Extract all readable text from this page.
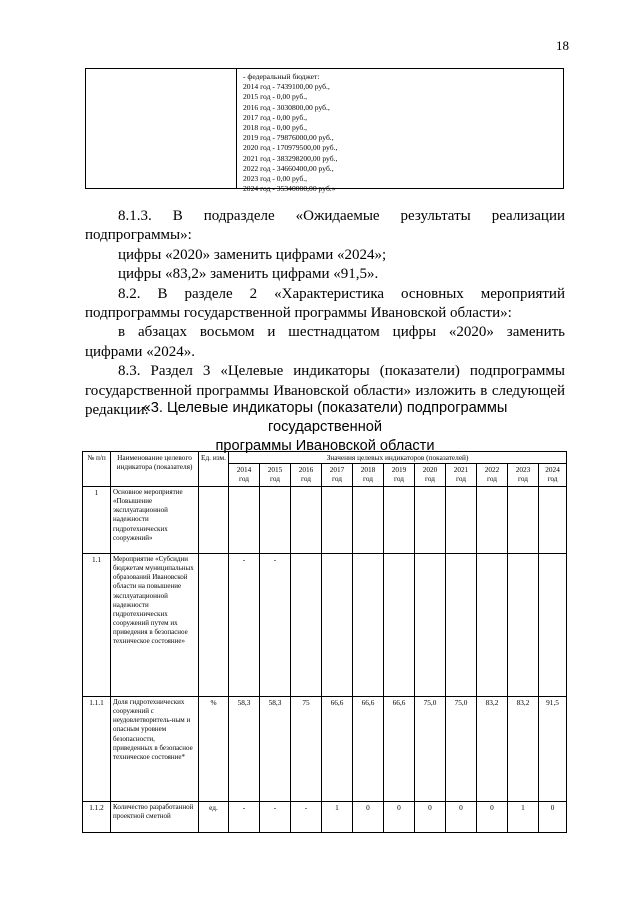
18
- федеральный бюджет:
2014 год - 7439100,00 руб.,
2015 год - 0,00 руб.,
2016 год - 3030800,00 руб.,
2017 год - 0,00 руб.,
2018 год - 0,00 руб.,
2019 год - 79876000,00 руб.,
2020 год - 170979500,00 руб.,
2021 год - 383298200,00 руб.,
2022 год - 34660400,00 руб.,
2023 год - 0,00 руб.,
2024 год - 35340000,00 руб.»

8.1.3. В подразделе «Ожидаемые результаты реализации

подпрограммы»:

цифры «2020» заменить цифрами «2024»;

цифры «83,2» заменить цифрами «91,5».

8.2. В разделе 2 «Характеристика основных мероприятий

подпрограммы государственной программы Ивановской области»:

в абзацах восьмом и шестнадцатом цифры «2020» заменить

цифрами «2024».

8.3. Раздел 3 «Целевые индикаторы (показатели) подпрограммы

государственной программы Ивановской области» изложить в следующей

редакции:

«3. Целевые индикаторы (показатели) подпрограммы государственной
программы Ивановской области
№ п/п	Наименование целевого индикатора (показателя)	Ед. изм.	Значения целевых индикаторов (показателей)										
			2014 год	2015 год	2016 год	2017 год	2018 год	2019 год	2020 год	2021 год	2022 год	2023 год	2024 год
1	Основное мероприятие «Повышение эксплуатационной надежности гидротехнических сооружений»												
1.1	Мероприятие «Субсидии бюджетам муниципальных образований Ивановской области на повышение эксплуатационной надежности гидротехнических сооружений путем их приведения в безопасное техническое состояние»		-	-									
1.1.1	Доля гидротехнических сооружений с неудовлетворитель-ным и опасным уровнем безопасности, приведенных в безопасное техническое состояние*	%	58,3	58,3	75	66,6	66,6	66,6	75,0	75,0	83,2	83,2	91,5
1.1.2	Количество разработанной проектной сметной	ед.	-	-	-	1	0	0	0	0	0	1	0
